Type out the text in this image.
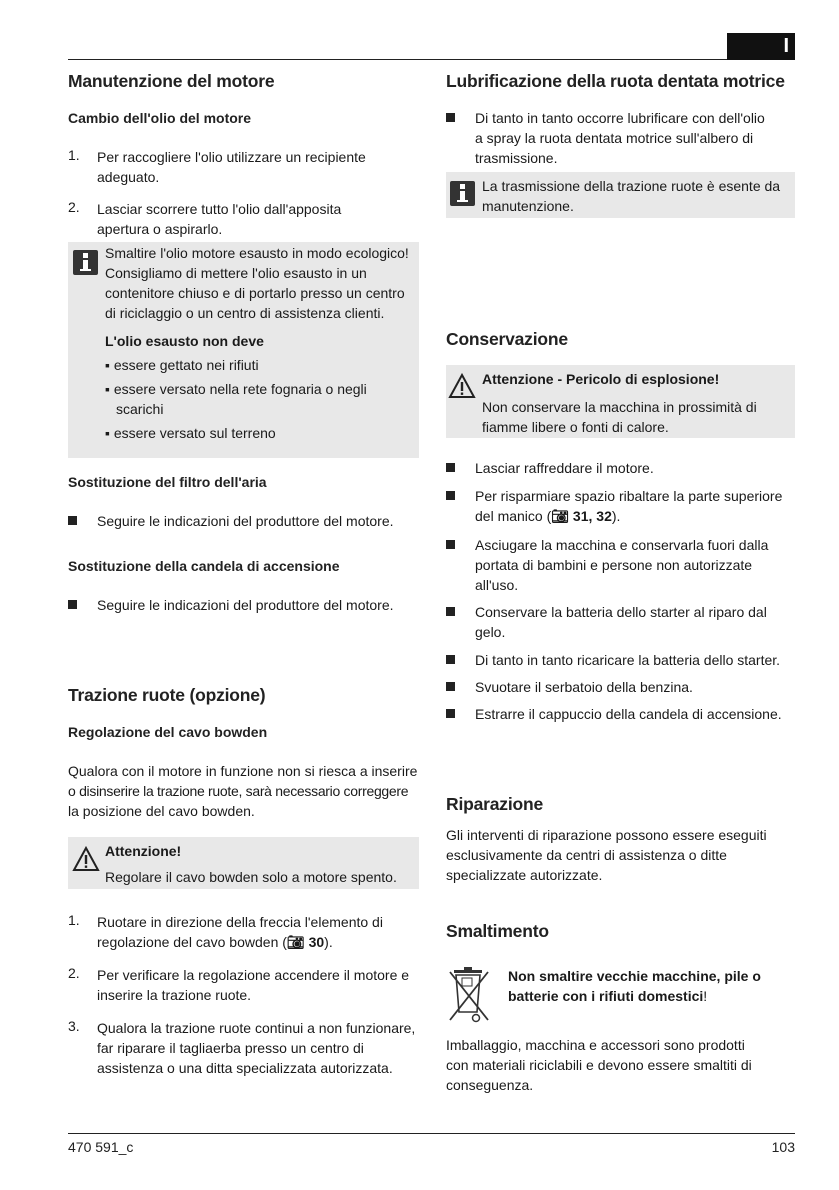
I
Manutenzione del motore
Cambio dell'olio del motore
1. Per raccogliere l'olio utilizzare un recipiente
adeguato.
2. Lasciar scorrere tutto l'olio dall'apposita
apertura o aspirarlo.
Smaltire l'olio motore esausto in modo ecologico!
Consigliamo di mettere l'olio esausto in un
contenitore chiuso e di portarlo presso un centro
di riciclaggio o un centro di assistenza clienti.
L'olio esausto non deve
▪ essere gettato nei rifiuti
▪ essere versato nella rete fognaria o negli
scarichi
▪ essere versato sul terreno
Sostituzione del filtro dell'aria
Seguire le indicazioni del produttore del motore.
Sostituzione della candela di accensione
Seguire le indicazioni del produttore del motore.
Trazione ruote (opzione)
Regolazione del cavo bowden
Qualora con il motore in funzione non si riesca a inserire
o disinserire la trazione ruote, sarà necessario correggere
la posizione del cavo bowden.
Attenzione!
Regolare il cavo bowden solo a motore spento.
1. Ruotare in direzione della freccia l'elemento di
regolazione del cavo bowden (📷︎ 30).
2. Per verificare la regolazione accendere il motore e
inserire la trazione ruote.
3. Qualora la trazione ruote continui a non funzionare,
far riparare il tagliaerba presso un centro di
assistenza o una ditta specializzata autorizzata.
Lubrificazione della ruota dentata motrice
Di tanto in tanto occorre lubrificare con dell'olio
a spray la ruota dentata motrice sull'albero di
trasmissione.
La trasmissione della trazione ruote è esente da
manutenzione.
Conservazione
Attenzione - Pericolo di esplosione!
Non conservare la macchina in prossimità di
fiamme libere o fonti di calore.
Lasciar raffreddare il motore.
Per risparmiare spazio ribaltare la parte superiore
del manico (📷︎ 31, 32).
Asciugare la macchina e conservarla fuori dalla
portata di bambini e persone non autorizzate
all'uso.
Conservare la batteria dello starter al riparo dal
gelo.
Di tanto in tanto ricaricare la batteria dello starter.
Svuotare il serbatoio della benzina.
Estrarre il cappuccio della candela di accensione.
Riparazione
Gli interventi di riparazione possono essere eseguiti
esclusivamente da centri di assistenza o ditte
specializzate autorizzate.
Smaltimento
Non smaltire vecchie macchine, pile o
batterie con i rifiuti domestici!
Imballaggio, macchina e accessori sono prodotti
con materiali riciclabili e devono essere smaltiti di
conseguenza.
470 591_c	103
